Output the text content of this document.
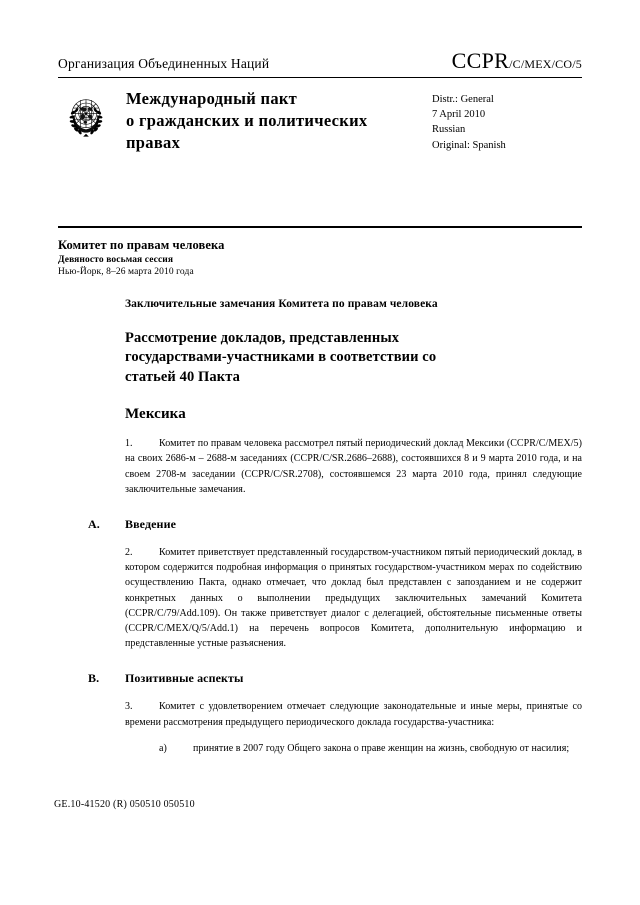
Организация Объединенных Наций	CCPR/C/MEX/CO/5
Международный пакт
о гражданских и политических
правах
Distr.: General
7 April 2010
Russian
Original: Spanish
Комитет по правам человека
Девяностo восьмая сессия
Нью-Йорк, 8–26 марта 2010 года
Заключительные замечания Комитета по правам человека
Рассмотрение докладов, представленных
государствами-участниками в соответствии со
статьей 40 Пакта
Мексика
1.	Комитет по правам человека рассмотрел пятый периодический доклад Мексики (CCPR/C/MEX/5) на своих 2686-м – 2688-м заседаниях (CCPR/C/SR.2686–2688), состоявшихся 8 и 9 марта 2010 года, и на своем 2708-м заседании (CCPR/C/SR.2708), состоявшемся 23 марта 2010 года, принял следующие заключительные замечания.
A. Введение
2.	Комитет приветствует представленный государством-участником пятый периодический доклад, в котором содержится подробная информация о принятых государством-участником мерах по содействию осуществлению Пакта, однако отмечает, что доклад был представлен с запозданием и не содержит конкретных данных о выполнении предыдущих заключительных замечаний Комитета (CCPR/C/79/Add.109). Он также приветствует диалог с делегацией, обстоятельные письменные ответы (CCPR/C/MEX/Q/5/Add.1) на перечень вопросов Комитета, дополнительную информацию и представленные устные разъяснения.
B. Позитивные аспекты
3.	Комитет с удовлетворением отмечает следующие законодательные и иные меры, принятые со времени рассмотрения предыдущего периодического доклада государства-участника:
a)	принятие в 2007 году Общего закона о праве женщин на жизнь, свободную от насилия;
GE.10-41520 (R) 050510 050510
